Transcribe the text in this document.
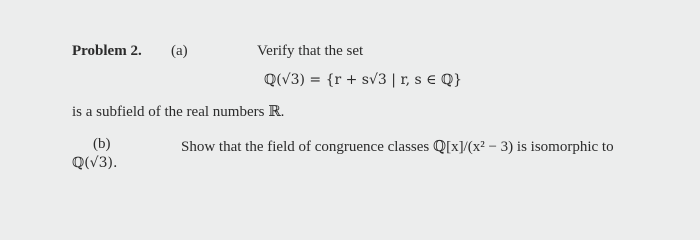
Problem 2. (a)	Verify that the set
ℚ(√3) = {r + s√3 | r, s ∈ ℚ}
is a subfield of the real numbers ℝ.
(b)	Show that the field of congruence classes ℚ[x]/(x² − 3) is isomorphic to
ℚ(√3).
